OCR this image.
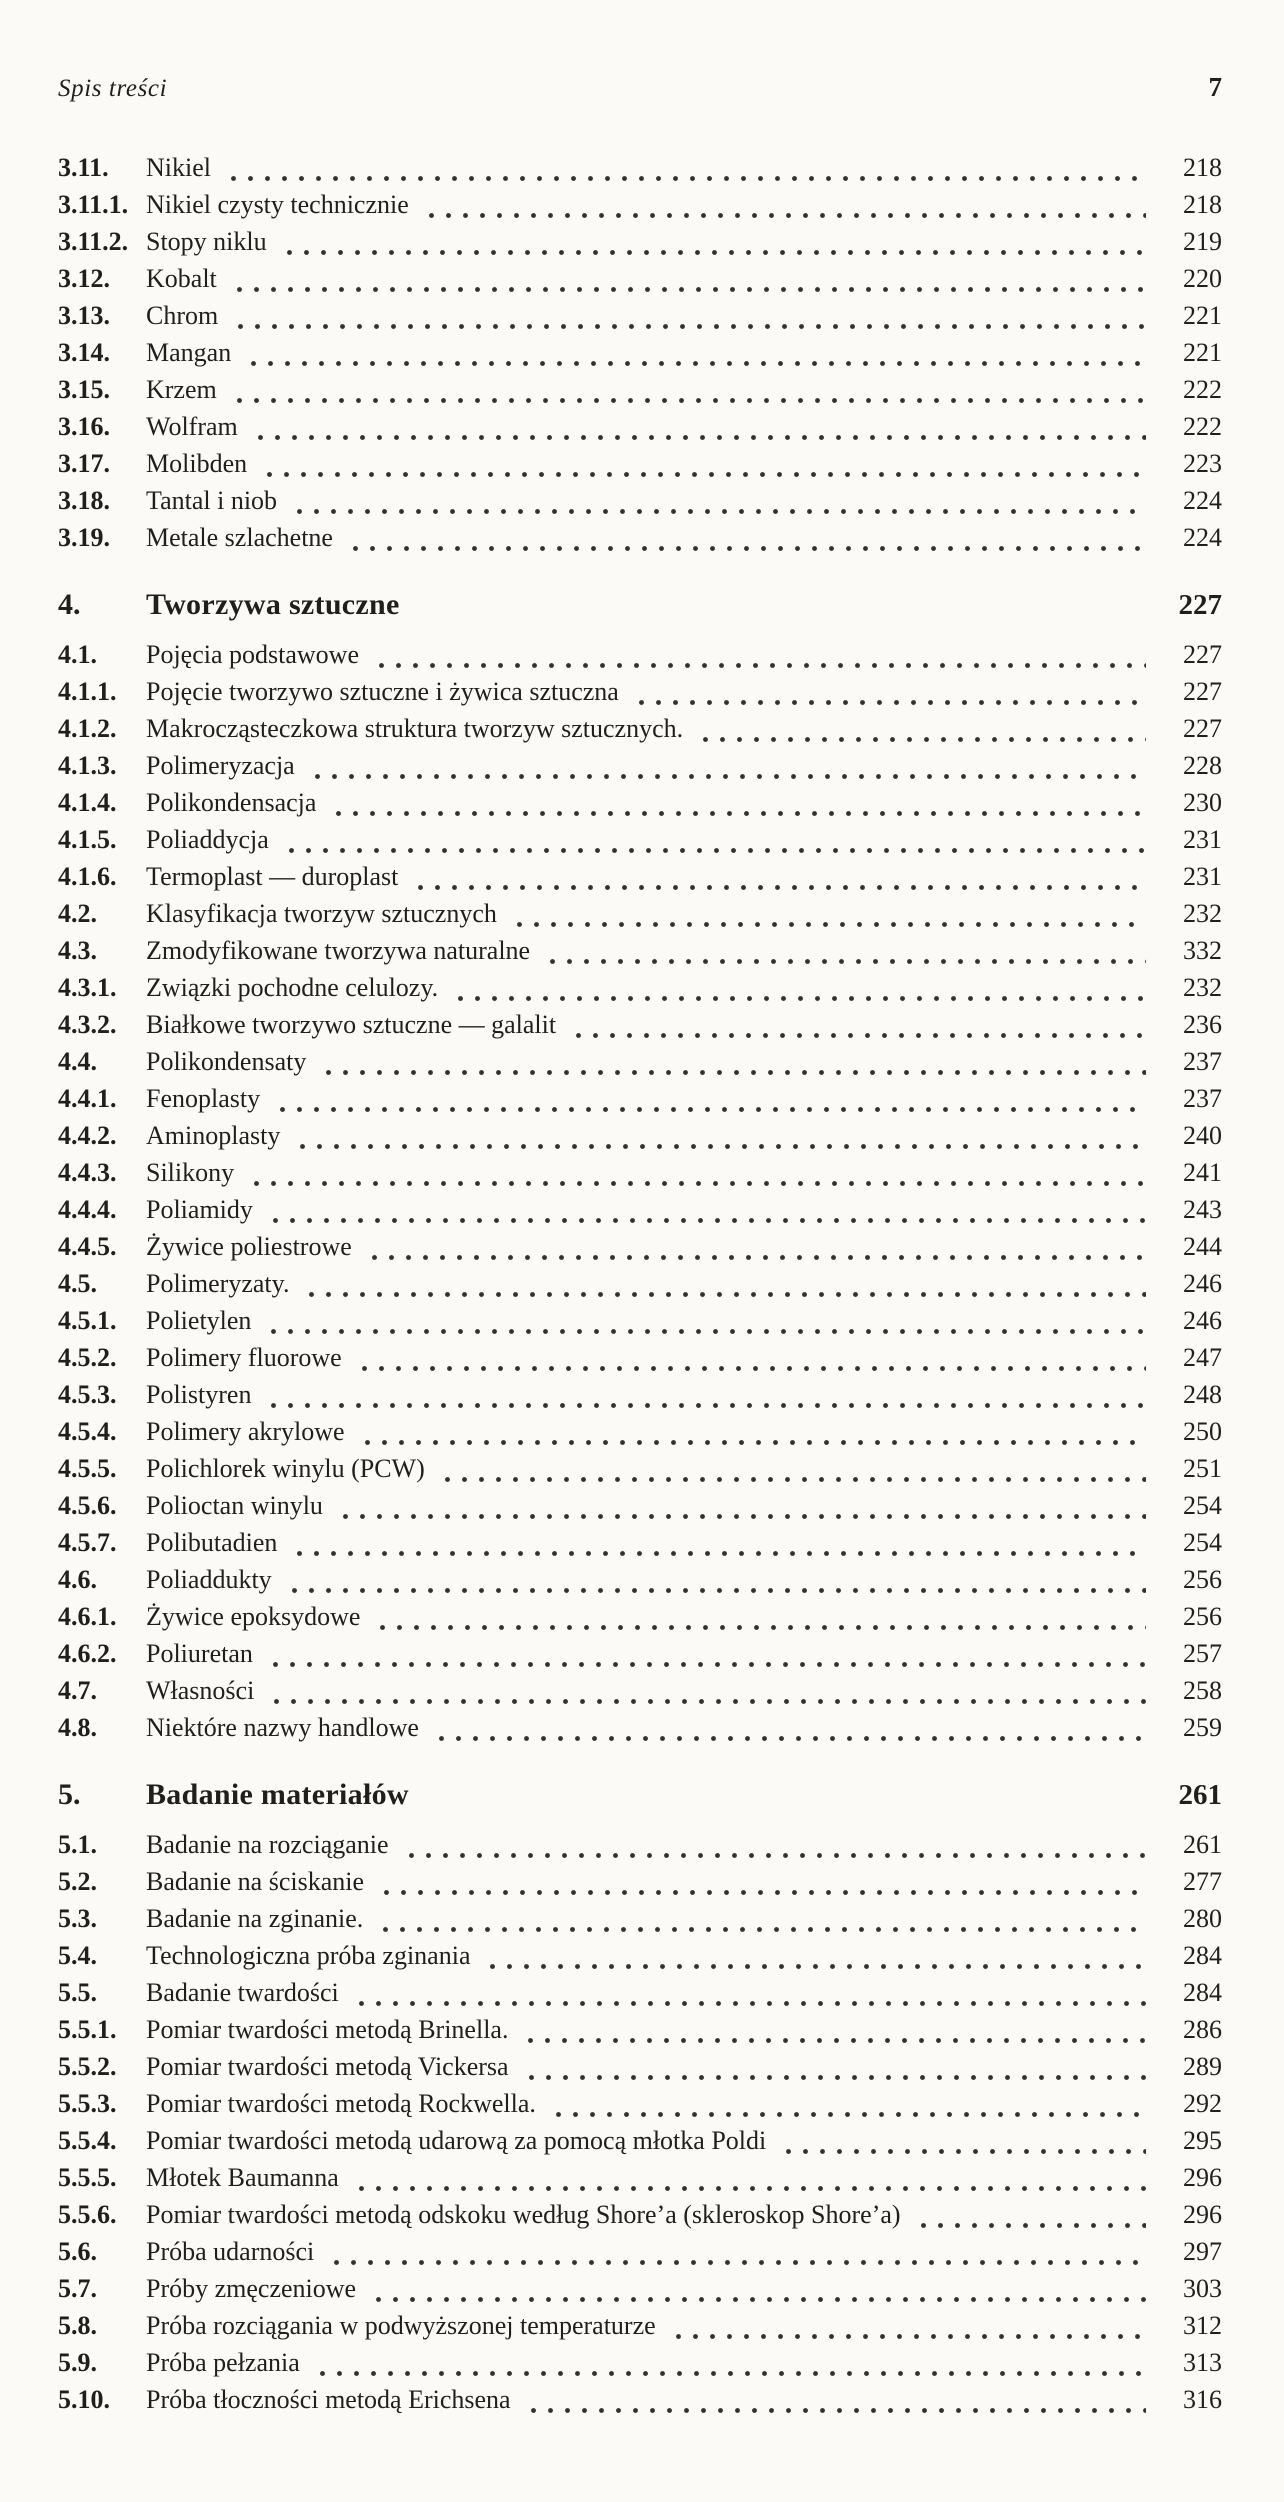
Spis treści	7
3.11.	Nikiel	218
3.11.1. Nikiel czysty technicznie	218
3.11.2. Stopy niklu	219
3.12.	Kobalt	220
3.13.	Chrom	221
3.14.	Mangan	221
3.15.	Krzem	222
3.16.	Wolfram	222
3.17.	Molibden	223
3.18.	Tantal i niob	224
3.19.	Metale szlachetne	224
4.	Tworzywa sztuczne	227
4.1.	Pojęcia podstawowe	227
4.1.1.	Pojęcie tworzywo sztuczne i żywica sztuczna	227
4.1.2.	Makrocząsteczkowa struktura tworzyw sztucznych.	227
4.1.3.	Polimeryzacja	228
4.1.4.	Polikondensacja	230
4.1.5.	Poliaddycja	231
4.1.6.	Termoplast — duroplast	231
4.2.	Klasyfikacja tworzyw sztucznych	232
4.3.	Zmodyfikowane tworzywa naturalne	332
4.3.1.	Związki pochodne celulozy.	232
4.3.2.	Białkowe tworzywo sztuczne — galalit	236
4.4.	Polikondensaty	237
4.4.1.	Fenoplasty	237
4.4.2.	Aminoplasty	240
4.4.3.	Silikony	241
4.4.4.	Poliamidy	243
4.4.5.	Żywice poliestrowe	244
4.5.	Polimeryzaty.	246
4.5.1.	Polietylen	246
4.5.2.	Polimery fluorowe	247
4.5.3.	Polistyren	248
4.5.4.	Polimery akrylowe	250
4.5.5.	Polichlorek winylu (PCW)	251
4.5.6.	Polioctan winylu	254
4.5.7.	Polibutadien	254
4.6.	Poliaddukty	256
4.6.1.	Żywice epoksydowe	256
4.6.2.	Poliuretan	257
4.7.	Własności	258
4.8.	Niektóre nazwy handlowe	259
5.	Badanie materiałów	261
5.1.	Badanie na rozciąganie	261
5.2.	Badanie na ściskanie	277
5.3.	Badanie na zginanie.	280
5.4.	Technologiczna próba zginania	284
5.5.	Badanie twardości	284
5.5.1.	Pomiar twardości metodą Brinella.	286
5.5.2.	Pomiar twardości metodą Vickersa	289
5.5.3.	Pomiar twardości metodą Rockwella.	292
5.5.4.	Pomiar twardości metodą udarową za pomocą młotka Poldi	295
5.5.5.	Młotek Baumanna	296
5.5.6.	Pomiar twardości metodą odskoku według Shore’a (skleroskop Shore’a)	296
5.6.	Próba udarności	297
5.7.	Próby zmęczeniowe	303
5.8.	Próba rozciągania w podwyższonej temperaturze	312
5.9.	Próba pełzania	313
5.10.	Próba tłoczności metodą Erichsena	316
